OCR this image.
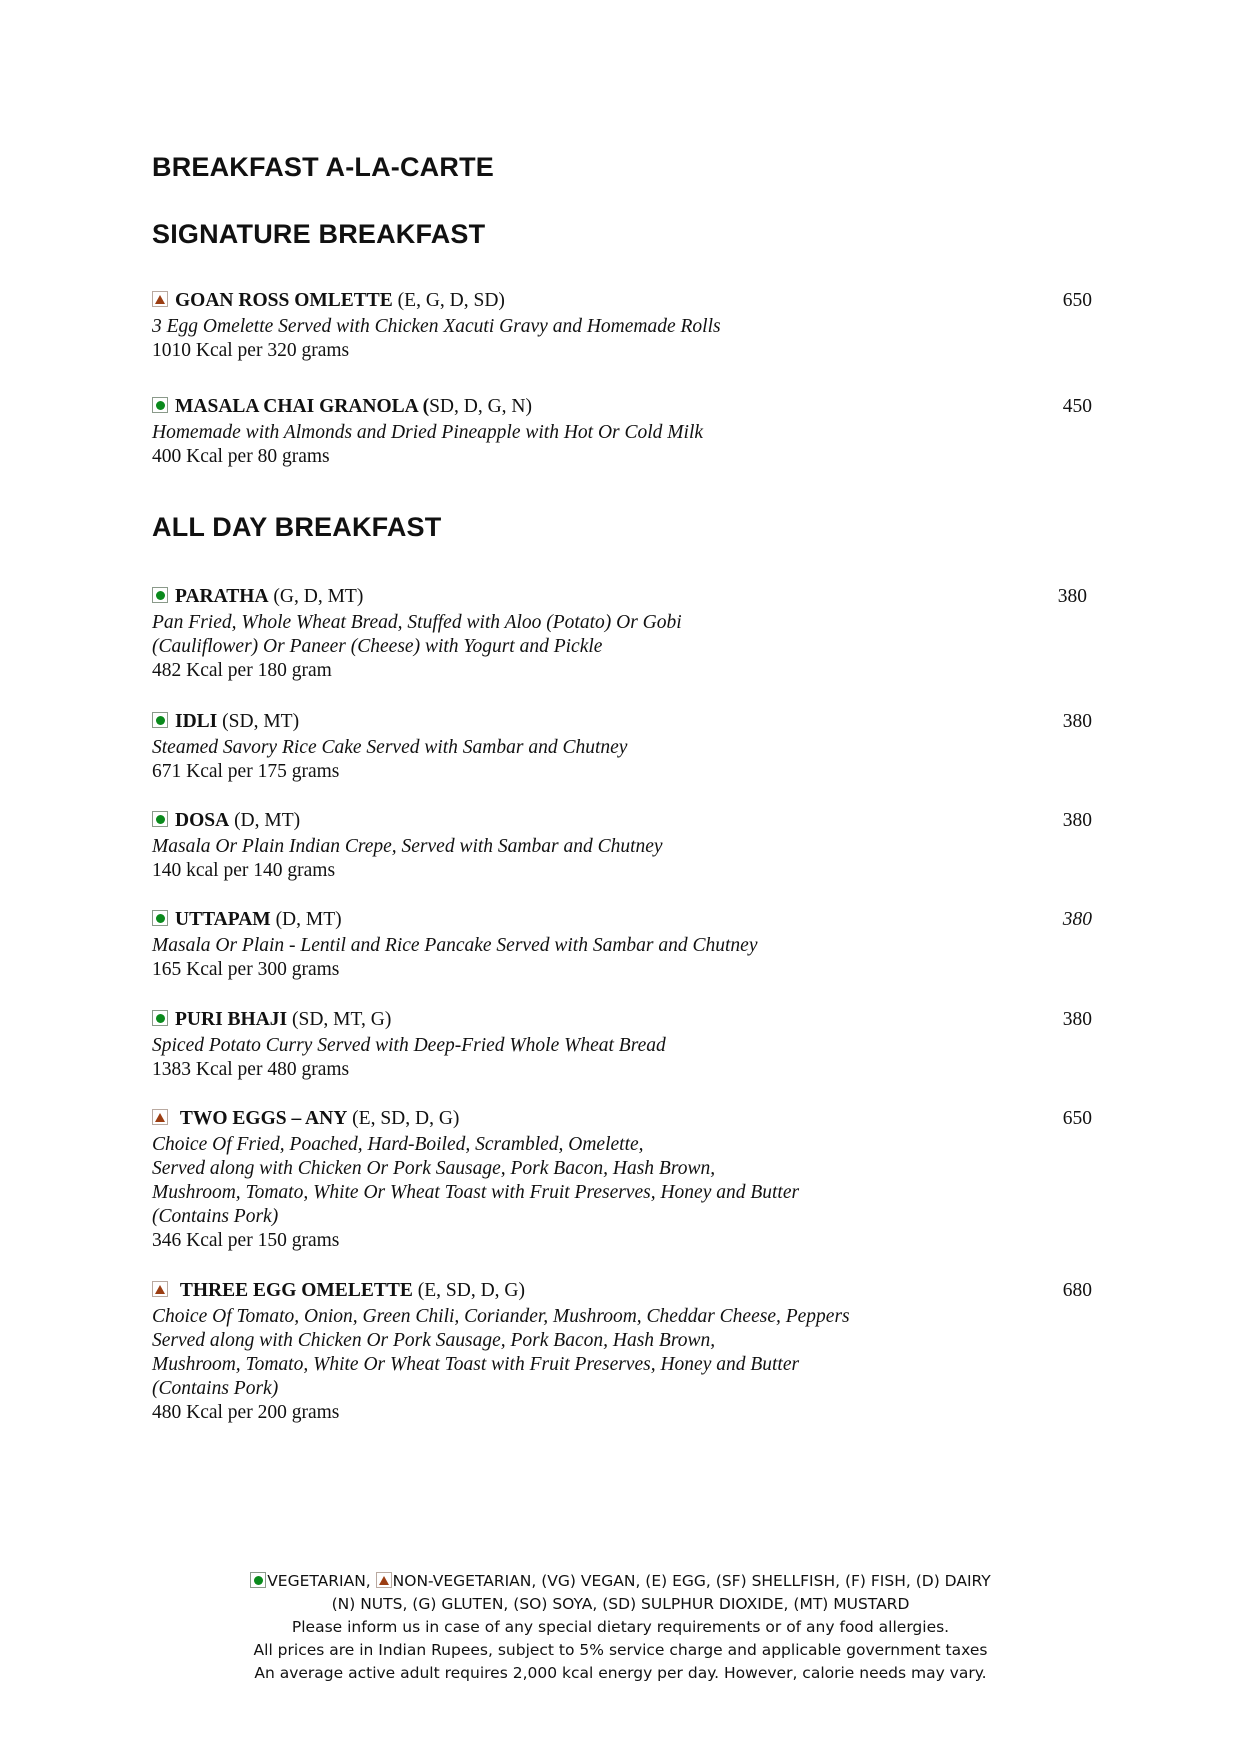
BREAKFAST A-LA-CARTE
SIGNATURE BREAKFAST
GOAN ROSS OMLETTE (E, G, D, SD)	650
3 Egg Omelette Served with Chicken Xacuti Gravy and Homemade Rolls
1010 Kcal per 320 grams
MASALA CHAI GRANOLA (SD, D, G, N)	450
Homemade with Almonds and Dried Pineapple with Hot Or Cold Milk
400 Kcal per 80 grams
ALL DAY BREAKFAST
PARATHA (G, D, MT)	380
Pan Fried, Whole Wheat Bread, Stuffed with Aloo (Potato) Or Gobi
(Cauliflower) Or Paneer (Cheese) with Yogurt and Pickle
482 Kcal per 180 gram
IDLI (SD, MT)	380
Steamed Savory Rice Cake Served with Sambar and Chutney
671 Kcal per 175 grams
DOSA (D, MT)	380
Masala Or Plain Indian Crepe, Served with Sambar and Chutney
140 kcal per 140 grams
UTTAPAM (D, MT)	380
Masala Or Plain - Lentil and Rice Pancake Served with Sambar and Chutney
165 Kcal per 300 grams
PURI BHAJI (SD, MT, G)	380
Spiced Potato Curry Served with Deep-Fried Whole Wheat Bread
1383 Kcal per 480 grams
TWO EGGS – ANY (E, SD, D, G)	650
Choice Of Fried, Poached, Hard-Boiled, Scrambled, Omelette,
Served along with Chicken Or Pork Sausage, Pork Bacon, Hash Brown,
Mushroom, Tomato, White Or Wheat Toast with Fruit Preserves, Honey and Butter
(Contains Pork)
346 Kcal per 150 grams
THREE EGG OMELETTE (E, SD, D, G)	680
Choice Of Tomato, Onion, Green Chili, Coriander, Mushroom, Cheddar Cheese, Peppers
Served along with Chicken Or Pork Sausage, Pork Bacon, Hash Brown,
Mushroom, Tomato, White Or Wheat Toast with Fruit Preserves, Honey and Butter
(Contains Pork)
480 Kcal per 200 grams
VEGETARIAN,
NON-VEGETARIAN, (VG) VEGAN, (E) EGG, (SF) SHELLFISH, (F) FISH, (D) DAIRY
(N) NUTS, (G) GLUTEN, (SO) SOYA, (SD) SULPHUR DIOXIDE, (MT) MUSTARD
Please inform us in case of any special dietary requirements or of any food allergies.
All prices are in Indian Rupees, subject to 5% service charge and applicable government taxes
An average active adult requires 2,000 kcal energy per day. However, calorie needs may vary.
